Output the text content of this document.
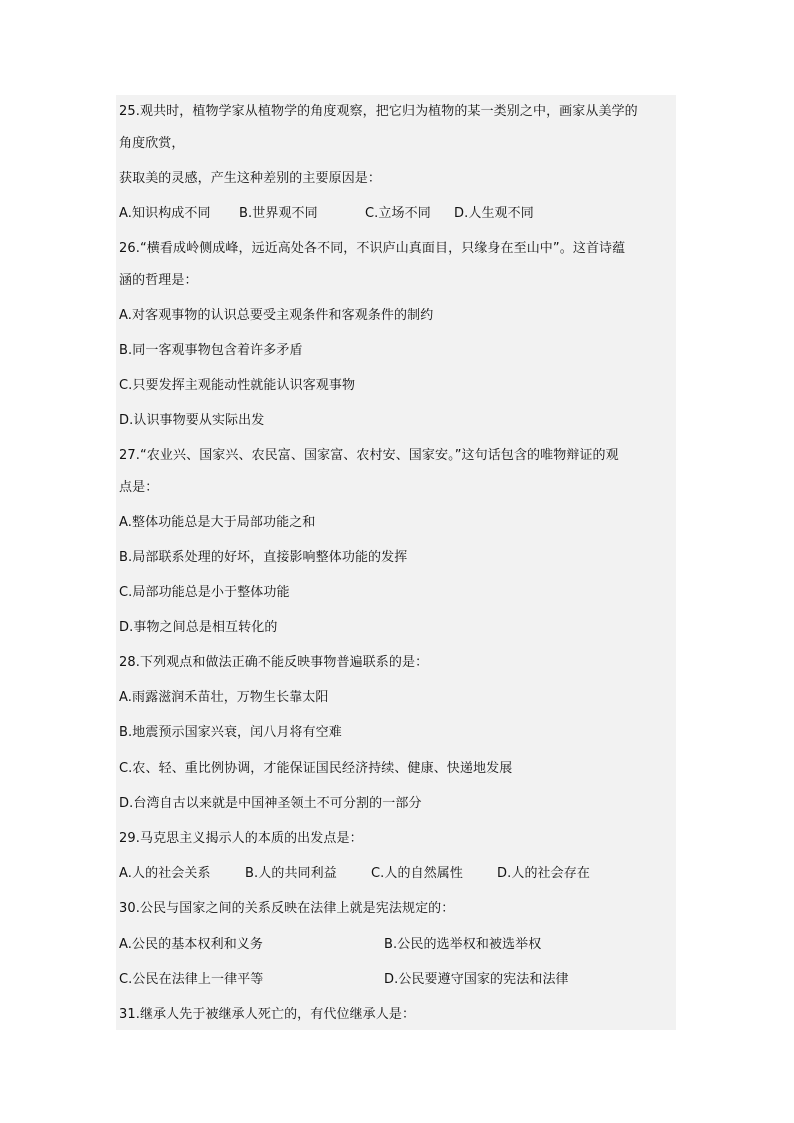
25.观共时，植物学家从植物学的角度观察，把它归为植物的某一类别之中，画家从美学的
角度欣赏，
获取美的灵感，产生这种差别的主要原因是：
A.知识构成不同 B.世界观不同	C.立场不同 D.人生观不同
26.“横看成岭侧成峰，远近高处各不同，不识庐山真面目，只缘身在至山中”。这首诗蕴
涵的哲理是：
A.对客观事物的认识总要受主观条件和客观条件的制约
B.同一客观事物包含着许多矛盾
C.只要发挥主观能动性就能认识客观事物
D.认识事物要从实际出发
27.“农业兴、国家兴、农民富、国家富、农村安、国家安。”这句话包含的唯物辩证的观
点是：
A.整体功能总是大于局部功能之和
B.局部联系处理的好坏，直接影响整体功能的发挥
C.局部功能总是小于整体功能
D.事物之间总是相互转化的
28.下列观点和做法正确不能反映事物普遍联系的是：
A.雨露滋润禾苗壮，万物生长靠太阳
B.地震预示国家兴衰，闰八月将有空难
C.农、轻、重比例协调，才能保证国民经济持续、健康、快递地发展
D.台湾自古以来就是中国神圣领土不可分割的一部分
29.马克思主义揭示人的本质的出发点是：
A.人的社会关系	B.人的共同利益	C.人的自然属性	D.人的社会存在
30.公民与国家之间的关系反映在法律上就是宪法规定的：
A.公民的基本权利和义务	B.公民的选举权和被选举权
C.公民在法律上一律平等	D.公民要遵守国家的宪法和法律
31.继承人先于被继承人死亡的，有代位继承人是：
